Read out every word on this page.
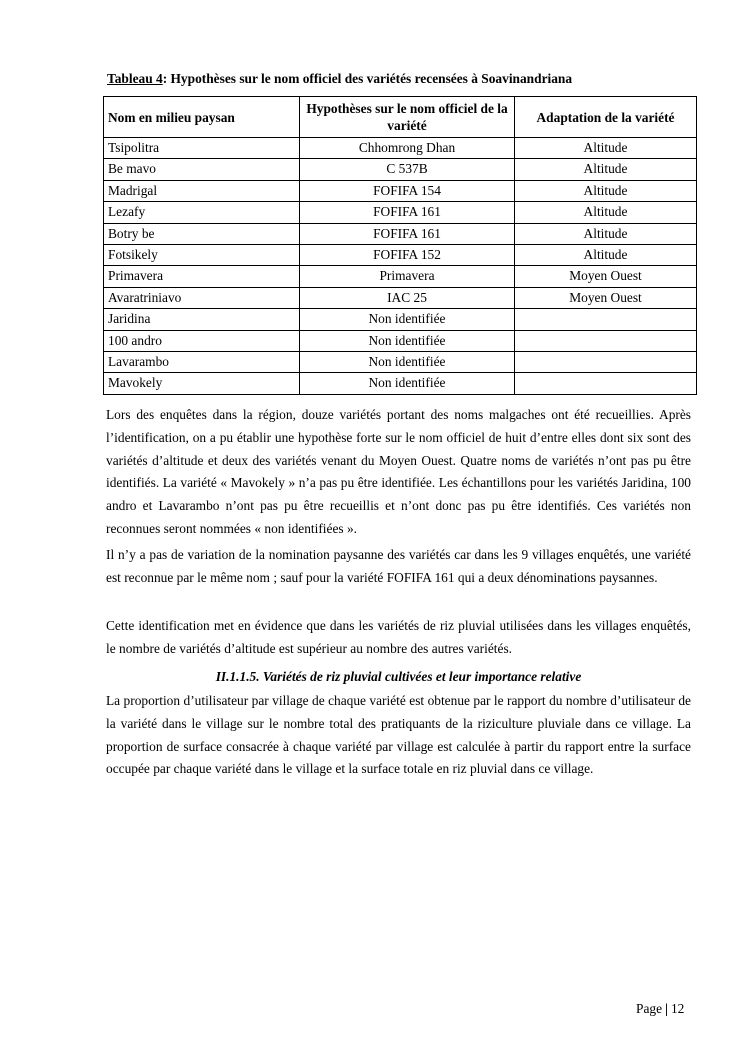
Tableau 4: Hypothèses sur le nom officiel des variétés recensées à Soavinandriana
Nom en milieu paysan	Hypothèses sur le nom officiel de la variété	Adaptation de la variété
Tsipolitra	Chhomrong Dhan	Altitude
Be mavo	C 537B	Altitude
Madrigal	FOFIFA 154	Altitude
Lezafy	FOFIFA 161	Altitude
Botry be	FOFIFA 161	Altitude
Fotsikely	FOFIFA 152	Altitude
Primavera	Primavera	Moyen Ouest
Avaratriniavo	IAC 25	Moyen Ouest
Jaridina	Non identifiée	
100 andro	Non identifiée	
Lavarambo	Non identifiée	
Mavokely	Non identifiée	

Lors des enquêtes dans la région, douze variétés portant des noms malgaches ont été recueillies. Après l’identification, on a pu établir une hypothèse forte sur le nom officiel de huit d’entre elles dont six sont des variétés d’altitude et deux des variétés venant du Moyen Ouest. Quatre noms de variétés n’ont pas pu être identifiés. La variété « Mavokely » n’a pas pu être identifiée. Les échantillons pour les variétés Jaridina, 100 andro et Lavarambo n’ont pas pu être recueillis et n’ont donc pas pu être identifiés. Ces variétés non reconnues seront nommées « non identifiées ».

Il n’y a pas de variation de la nomination paysanne des variétés car dans les 9 villages enquêtés, une variété est reconnue par le même nom ; sauf pour la variété FOFIFA 161 qui a deux dénominations paysannes.

Cette identification met en évidence que dans les variétés de riz pluvial utilisées dans les villages enquêtés, le nombre de variétés d’altitude est supérieur au nombre des autres variétés.

II.1.1.5. Variétés de riz pluvial cultivées et leur importance relative

La proportion d’utilisateur par village de chaque variété est obtenue par le rapport du nombre d’utilisateur de la variété dans le village sur le nombre total des pratiquants de la riziculture pluviale dans ce village. La proportion de surface consacrée à chaque variété par village est calculée à partir du rapport entre la surface occupée par chaque variété dans le village et la surface totale en riz pluvial dans ce village.

Page | 12
